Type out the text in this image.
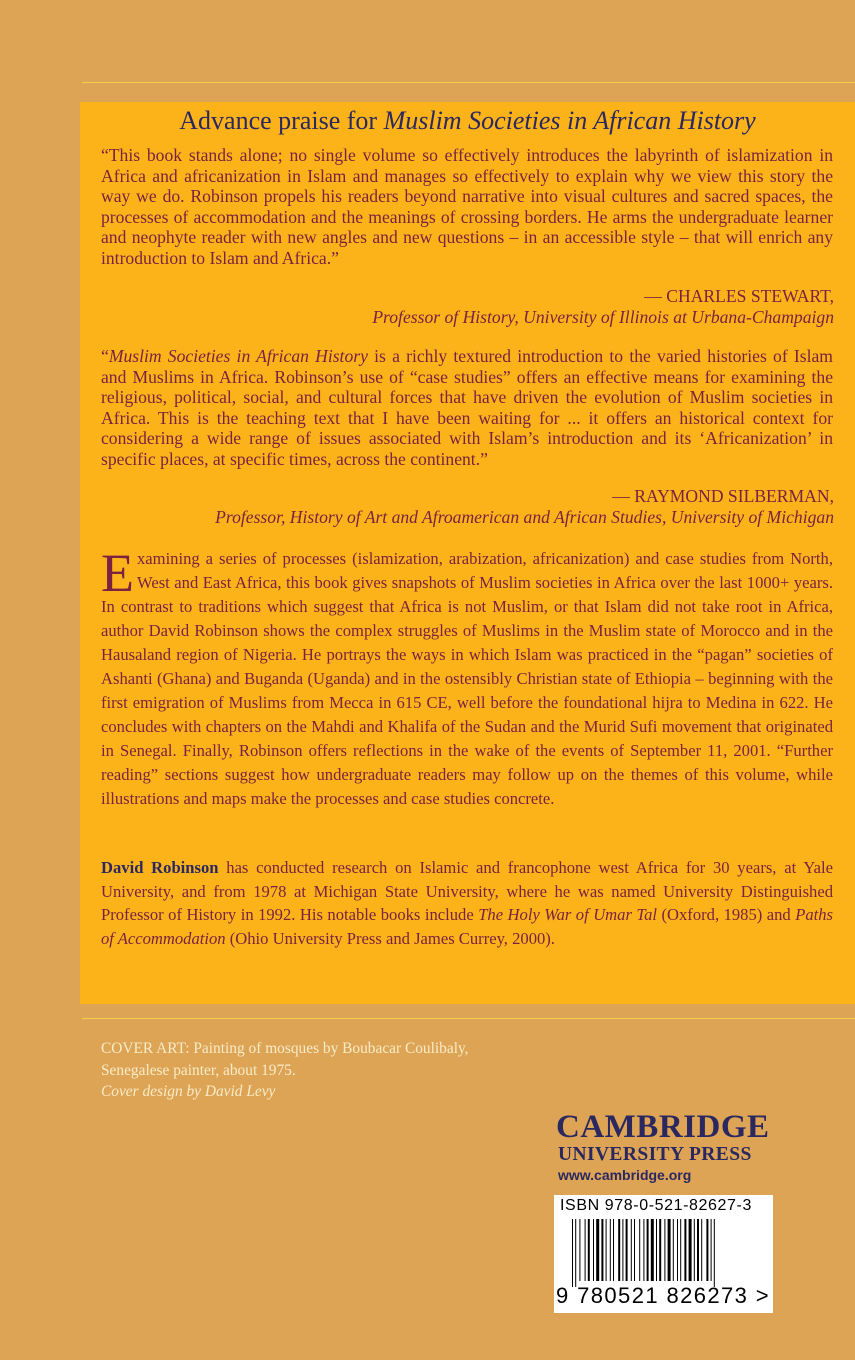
Advance praise for Muslim Societies in African History

“This book stands alone; no single volume so effectively introduces the labyrinth of islamization in Africa and africanization in Islam and manages so effectively to explain why we view this story the way we do. Robinson propels his readers beyond narrative into visual cultures and sacred spaces, the processes of accommodation and the meanings of crossing borders. He arms the undergraduate learner and neophyte reader with new angles and new questions – in an accessible style – that will enrich any introduction to Islam and Africa.”

— CHARLES STEWART,
Professor of History, University of Illinois at Urbana-Champaign

“Muslim Societies in African History is a richly textured introduction to the varied histories of Islam and Muslims in Africa. Robinson’s use of “case studies” offers an effective means for examining the religious, political, social, and cultural forces that have driven the evolution of Muslim societies in Africa. This is the teaching text that I have been waiting for ... it offers an historical context for considering a wide range of issues associated with Islam’s introduction and its ‘Africanization’ in specific places, at specific times, across the continent.”

— RAYMOND SILBERMAN,
Professor, History of Art and Afroamerican and African Studies, University of Michigan

Examining a series of processes (islamization, arabization, africanization) and case studies from North, West and East Africa, this book gives snapshots of Muslim societies in Africa over the last 1000+ years. In contrast to traditions which suggest that Africa is not Muslim, or that Islam did not take root in Africa, author David Robinson shows the complex struggles of Muslims in the Muslim state of Morocco and in the Hausaland region of Nigeria. He portrays the ways in which Islam was practiced in the “pagan” societies of Ashanti (Ghana) and Buganda (Uganda) and in the ostensibly Christian state of Ethiopia – beginning with the first emigration of Muslims from Mecca in 615 CE, well before the foundational hijra to Medina in 622. He concludes with chapters on the Mahdi and Khalifa of the Sudan and the Murid Sufi movement that originated in Senegal. Finally, Robinson offers reflections in the wake of the events of September 11, 2001. “Further reading” sections suggest how undergraduate readers may follow up on the themes of this volume, while illustrations and maps make the processes and case studies concrete.

David Robinson has conducted research on Islamic and francophone west Africa for 30 years, at Yale University, and from 1978 at Michigan State University, where he was named University Distinguished Professor of History in 1992. His notable books include The Holy War of Umar Tal (Oxford, 1985) and Paths of Accommodation (Ohio University Press and James Currey, 2000).

COVER ART: Painting of mosques by Boubacar Coulibaly,
Senegalese painter, about 1975.
Cover design by David Levy
CAMBRIDGE
UNIVERSITY PRESS
www.cambridge.org
ISBN 978-0-521-82627-3
9 780521 826273 >
